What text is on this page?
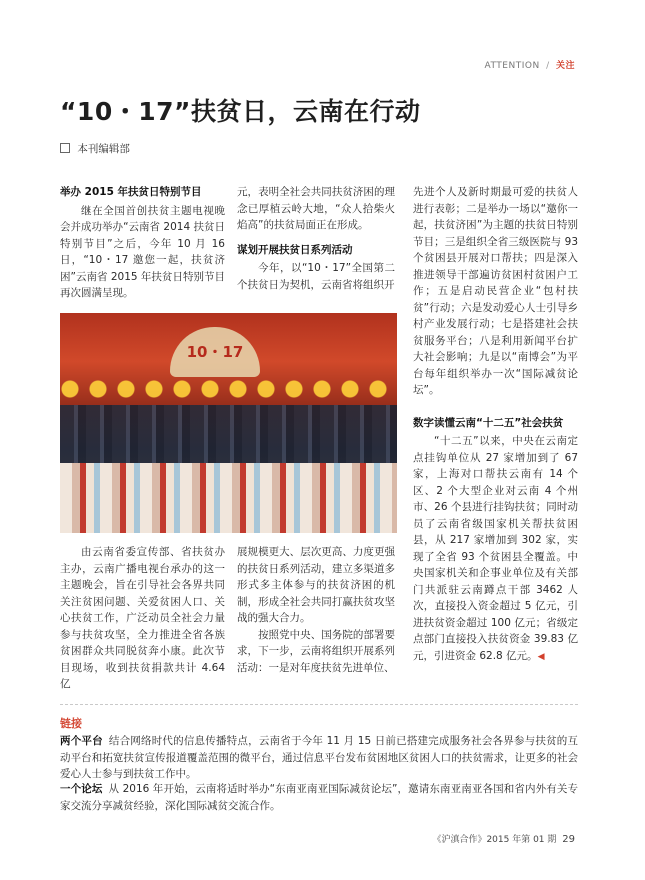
ATTENTION / 关注
“10・17”扶贫日，云南在行动
本刊编辑部
举办 2015 年扶贫日特别节目

继在全国首创扶贫主题电视晚会并成功举办“云南省 2014 扶贫日特别节目”之后，今年 10 月 16 日，“10・17 邀您一起，扶贫济困”云南省 2015 年扶贫日特别节目再次圆满呈现。

元，表明全社会共同扶贫济困的理念已厚植云岭大地，“众人拾柴火焰高”的扶贫局面正在形成。

谋划开展扶贫日系列活动

今年，以“10・17”全国第二个扶贫日为契机，云南省将组织开

先进个人及新时期最可爱的扶贫人进行表彰；二是举办一场以“邀你一起，扶贫济困”为主题的扶贫日特别节目；三是组织全省三级医院与 93 个贫困县开展对口帮扶；四是深入推进领导干部遍访贫困村贫困户工作；五是启动民营企业“包村扶贫”行动；六是发动爱心人士引导乡村产业发展行动；七是搭建社会扶贫服务平台；八是利用新闻平台扩大社会影响；九是以“南博会”为平台每年组织举办一次“国际减贫论坛”。

数字读懂云南“十二五”社会扶贫

“十二五”以来，中央在云南定点挂钩单位从 27 家增加到了 67 家，上海对口帮扶云南有 14 个区、2 个大型企业对云南 4 个州市、26 个县进行挂钩扶贫；同时动员了云南省级国家机关帮扶贫困县，从 217 家增加到 302 家，实现了全省 93 个贫困县全覆盖。中央国家机关和企事业单位及有关部门共派驻云南蹲点干部 3462 人次，直接投入资金超过 5 亿元，引进扶贫资金超过 100 亿元；省级定点部门直接投入扶贫资金 39.83 亿元，引进资金 62.8 亿元。◀

10・17

由云南省委宣传部、省扶贫办主办，云南广播电视台承办的这一主题晚会，旨在引导社会各界共同关注贫困问题、关爱贫困人口、关心扶贫工作，广泛动员全社会力量参与扶贫攻坚，全力推进全省各族贫困群众共同脱贫奔小康。此次节目现场，收到扶贫捐款共计 4.64 亿

展规模更大、层次更高、力度更强的扶贫日系列活动，建立多渠道多形式多主体参与的扶贫济困的机制，形成全社会共同打赢扶贫攻坚战的强大合力。

按照党中央、国务院的部署要求，下一步，云南将组织开展系列活动：一是对年度扶贫先进单位、

链接
两个平台 结合网络时代的信息传播特点，云南省于今年 11 月 15 日前已搭建完成服务社会各界参与扶贫的互动平台和拓宽扶贫宣传报道覆盖范围的微平台，通过信息平台发布贫困地区贫困人口的扶贫需求，让更多的社会爱心人士参与到扶贫工作中。
一个论坛 从 2016 年开始，云南将适时举办“东南亚南亚国际减贫论坛”，邀请东南亚南亚各国和省内外有关专家交流分享减贫经验，深化国际减贫交流合作。
《沪滇合作》2015 年第 01 期 29
